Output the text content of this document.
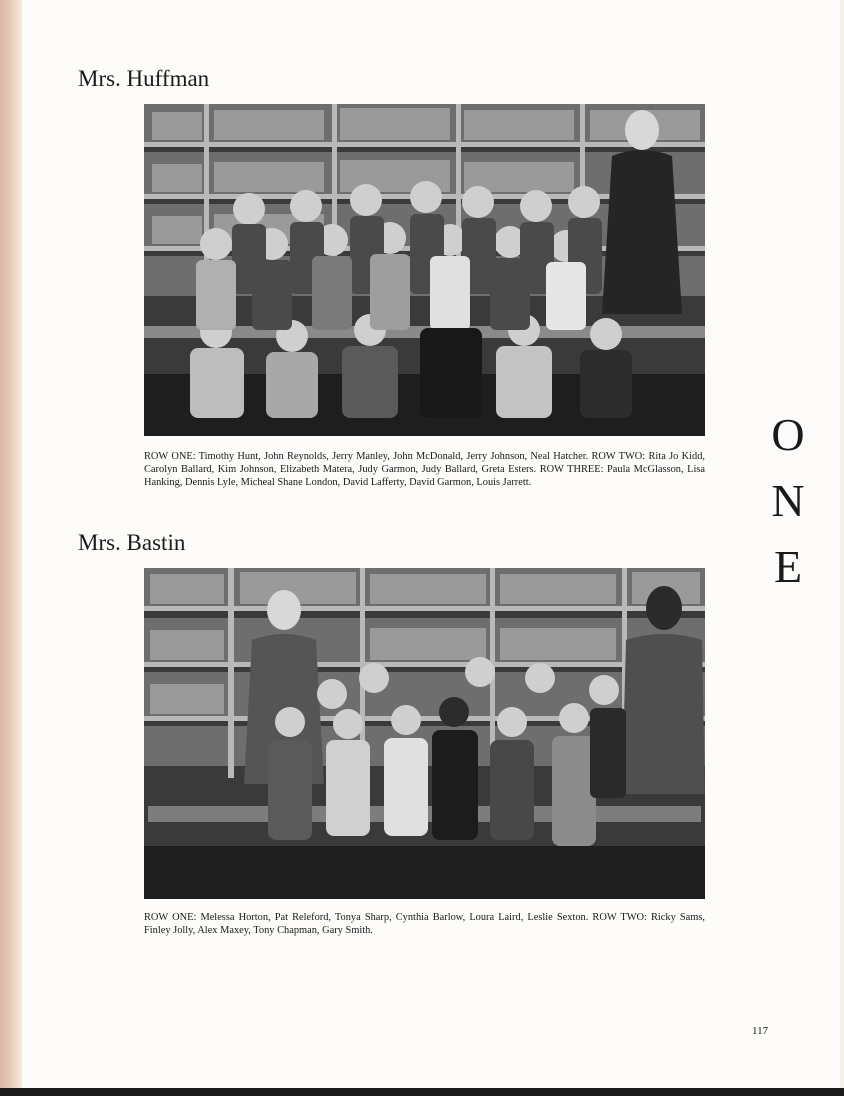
Mrs. Huffman

ROW ONE: Timothy Hunt, John Reynolds, Jerry Manley, John McDonald, Jerry Johnson, Neal Hatcher. ROW TWO: Rita Jo Kidd, Carolyn Ballard, Kim Johnson, Elizabeth Matera, Judy Garmon, Judy Ballard, Greta Esters. ROW THREE: Paula McGlasson, Lisa Hanking, Dennis Lyle, Micheal Shane London, David Lafferty, David Garmon, Louis Jarrett.

Mrs. Bastin

ROW ONE: Melessa Horton, Pat Releford, Tonya Sharp, Cynthia Barlow, Loura Laird, Leslie Sexton. ROW TWO: Ricky Sams, Finley Jolly, Alex Maxey, Tony Chapman, Gary Smith.

O
N
E
117
